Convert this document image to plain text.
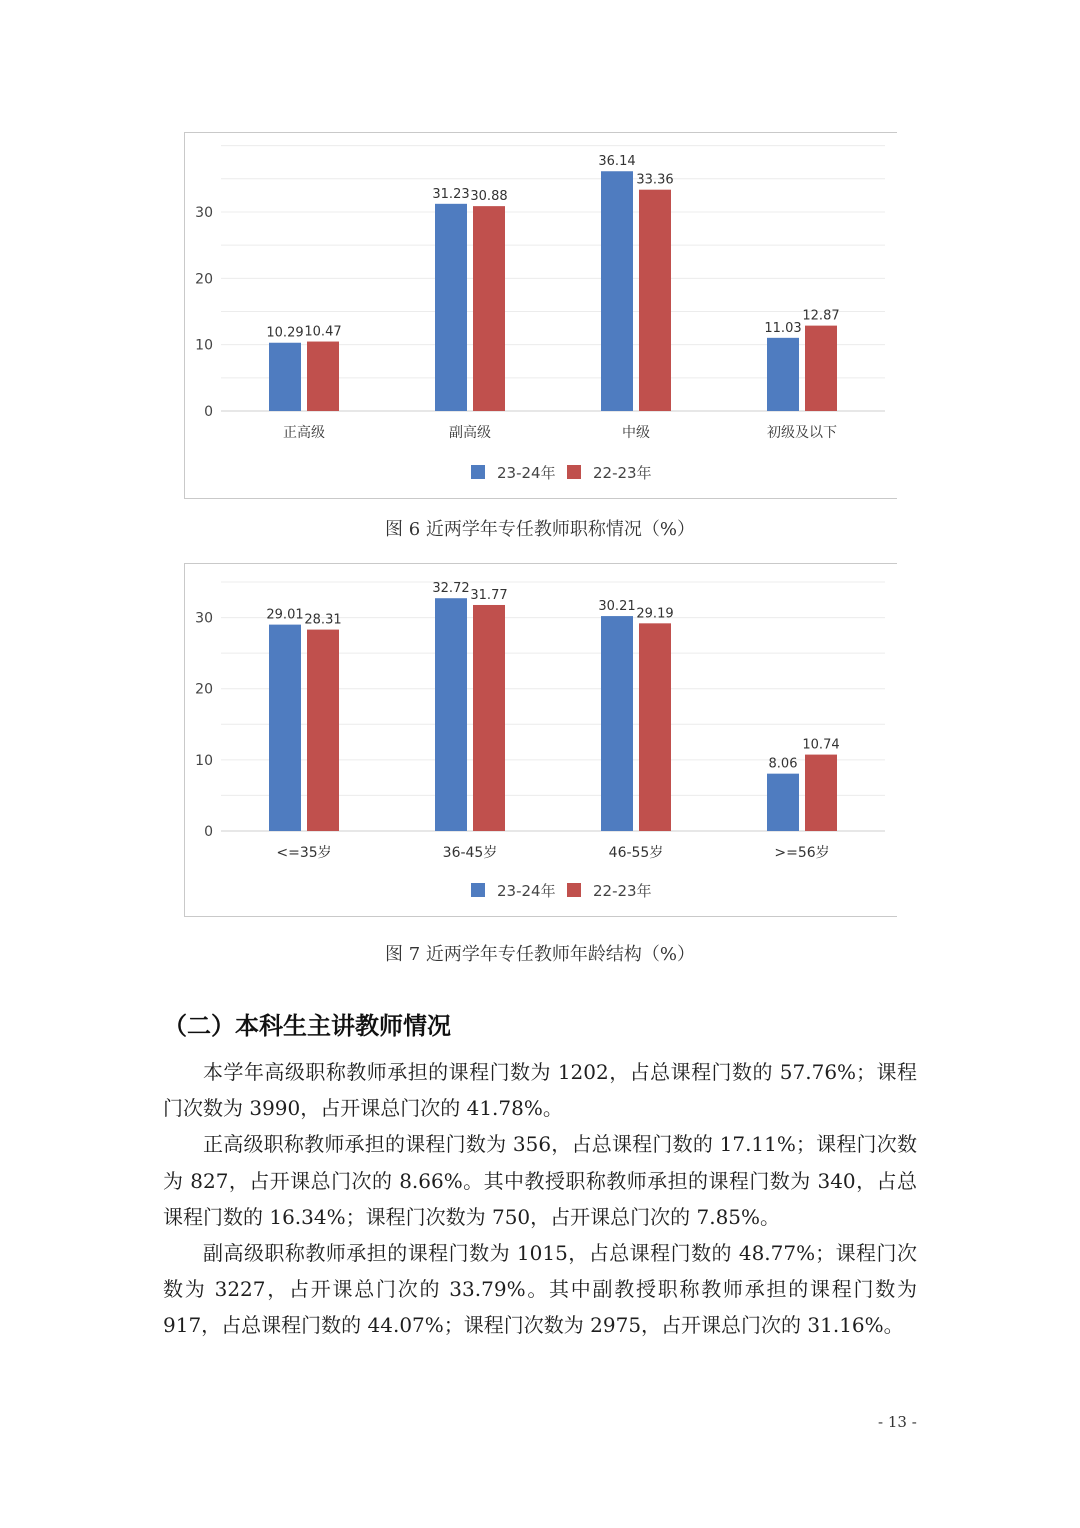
0
10
20
30
10.29 10.47
正高级
31.23 30.88
副高级
36.14
33.36
中级
11.03
12.87
初级及以下
23-24年 22-23年
图 6 近两学年专任教师职称情况（%）
0
10
20
30	29.01 28.31
<=35岁
32.72 31.77
36-45岁
30.21 29.19
46-55岁
8.06
10.74
>=56岁
23-24年 22-23年
图 7 近两学年专任教师年龄结构（%）
（二）本科生主讲教师情况

本学年高级职称教师承担的课程门数为 1202，占总课程门数的 57.76%；课程门次数为 3990，占开课总门次的 41.78%。

正高级职称教师承担的课程门数为 356，占总课程门数的 17.11%；课程门次数为 827，占开课总门次的 8.66%。其中教授职称教师承担的课程门数为 340，占总课程门数的 16.34%；课程门次数为 750，占开课总门次的 7.85%。

副高级职称教师承担的课程门数为 1015，占总课程门数的 48.77%；课程门次数为 3227，占开课总门次的 33.79%。其中副教授职称教师承担的课程门数为 917，占总课程门数的 44.07%；课程门次数为 2975，占开课总门次的 31.16%。

- 13 -
